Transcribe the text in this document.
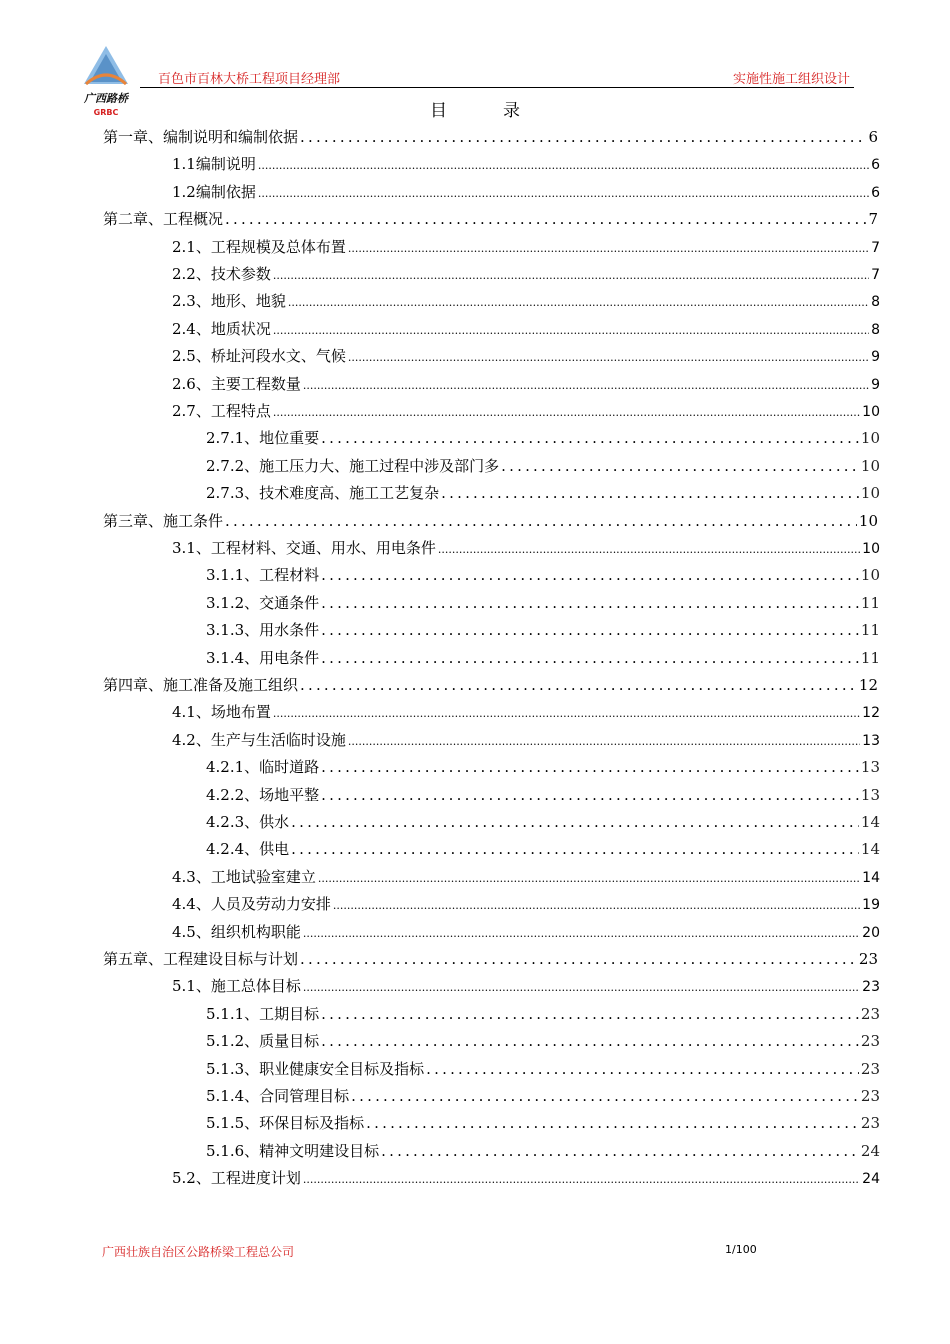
广西路桥
GRBC
百色市百林大桥工程项目经理部	实施性施工组织设计
目录
第一章、编制说明和编制依据 .....	6
1.1编制说明 .....	6
1.2编制依据 .....	6
第二章、工程概况 .....	7
2.1、工程规模及总体布置 .....	7
2.2、技术参数 .....	7
2.3、地形、地貌 .....	8
2.4、地质状况 .....	8
2.5、桥址河段水文、气候 .....	9
2.6、主要工程数量 .....	9
2.7、工程特点 .....	10
2.7.1、地位重要 .....	10
2.7.2、施工压力大、施工过程中涉及部门多 .....	10
2.7.3、技术难度高、施工工艺复杂 .....	10
第三章、施工条件 .....	10
3.1、工程材料、交通、用水、用电条件 .....	10
3.1.1、工程材料 .....	10
3.1.2、交通条件 .....	11
3.1.3、用水条件 .....	11
3.1.4、用电条件 .....	11
第四章、施工准备及施工组织 .....	12
4.1、场地布置 .....	12
4.2、生产与生活临时设施 .....	13
4.2.1、临时道路 .....	13
4.2.2、场地平整 .....	13
4.2.3、供水 .....	14
4.2.4、供电 .....	14
4.3、工地试验室建立 .....	14
4.4、人员及劳动力安排 .....	19
4.5、组织机构职能 .....	20
第五章、工程建设目标与计划 .....	23
5.1、施工总体目标 .....	23
5.1.1、工期目标 .....	23
5.1.2、质量目标 .....	23
5.1.3、职业健康安全目标及指标 .....	23
5.1.4、合同管理目标 .....	23
5.1.5、环保目标及指标 .....	23
5.1.6、精神文明建设目标 .....	24
5.2、工程进度计划 .....	24
广西壮族自治区公路桥梁工程总公司	1/100
